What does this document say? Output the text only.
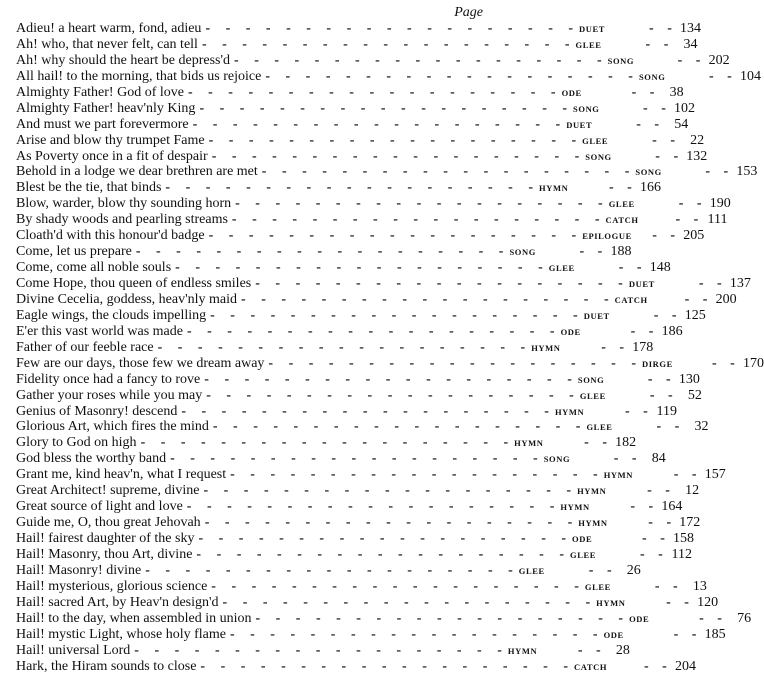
Page
Adieu! a heart warm, fond, adieu - - - - - - - - - - - - - - - - - - - DUET	- - 134
Ah! who, that never felt, can tell - - - - - - - - - - - - - - - - - - - GLEE	- - 34
Ah! why should the heart be depress'd - - - - - - - - - - - - - - - - - - - SONG	- - 202
All hail! to the morning, that bids us rejoice - - - - - - - - - - - - - - - - - - - SONG	- - 104
Almighty Father! God of love - - - - - - - - - - - - - - - - - - - ODE	- - 38
Almighty Father! heav'nly King - - - - - - - - - - - - - - - - - - - SONG	- - 102
And must we part forevermore - - - - - - - - - - - - - - - - - - - DUET	- - 54
Arise and blow thy trumpet Fame - - - - - - - - - - - - - - - - - - - GLEE	- - 22
As Poverty once in a fit of despair - - - - - - - - - - - - - - - - - - - SONG	- - 132
Behold in a lodge we dear brethren are met - - - - - - - - - - - - - - - - - - - SONG	- - 153
Blest be the tie, that binds - - - - - - - - - - - - - - - - - - - HYMN	- - 166
Blow, warder, blow thy sounding horn - - - - - - - - - - - - - - - - - - - GLEE	- - 190
By shady woods and pearling streams - - - - - - - - - - - - - - - - - - - CATCH	- - 111
Cloath'd with this honour'd badge - - - - - - - - - - - - - - - - - - - EPILOGUE	- - 205
Come, let us prepare - - - - - - - - - - - - - - - - - - - SONG	- - 188
Come, come all noble souls - - - - - - - - - - - - - - - - - - - GLEE	- - 148
Come Hope, thou queen of endless smiles - - - - - - - - - - - - - - - - - - - DUET	- - 137
Divine Cecelia, goddess, heav'nly maid - - - - - - - - - - - - - - - - - - - CATCH	- - 200
Eagle wings, the clouds impelling - - - - - - - - - - - - - - - - - - - DUET	- - 125
E'er this vast world was made - - - - - - - - - - - - - - - - - - - ODE	- - 186
Father of our feeble race - - - - - - - - - - - - - - - - - - - HYMN	- - 178
Few are our days, those few we dream away - - - - - - - - - - - - - - - - - - - DIRGE	- - 170
Fidelity once had a fancy to rove - - - - - - - - - - - - - - - - - - - SONG	- - 130
Gather your roses while you may - - - - - - - - - - - - - - - - - - - GLEE	- - 52
Genius of Masonry! descend - - - - - - - - - - - - - - - - - - - HYMN	- - 119
Glorious Art, which fires the mind - - - - - - - - - - - - - - - - - - - GLEE	- - 32
Glory to God on high - - - - - - - - - - - - - - - - - - - HYMN	- - 182
God bless the worthy band - - - - - - - - - - - - - - - - - - - SONG	- - 84
Grant me, kind heav'n, what I request - - - - - - - - - - - - - - - - - - - HYMN	- - 157
Great Architect! supreme, divine - - - - - - - - - - - - - - - - - - - HYMN	- - 12
Great source of light and love - - - - - - - - - - - - - - - - - - - HYMN	- - 164
Guide me, O, thou great Jehovah - - - - - - - - - - - - - - - - - - - HYMN	- - 172
Hail! fairest daughter of the sky - - - - - - - - - - - - - - - - - - - ODE	- - 158
Hail! Masonry, thou Art, divine - - - - - - - - - - - - - - - - - - - GLEE	- - 112
Hail! Masonry! divine - - - - - - - - - - - - - - - - - - - GLEE	- - 26
Hail! mysterious, glorious science - - - - - - - - - - - - - - - - - - - GLEE	- - 13
Hail! sacred Art, by Heav'n design'd - - - - - - - - - - - - - - - - - - - HYMN	- - 120
Hail! to the day, when assembled in union - - - - - - - - - - - - - - - - - - - ODE	- - 76
Hail! mystic Light, whose holy flame - - - - - - - - - - - - - - - - - - - ODE	- - 185
Hail! universal Lord - - - - - - - - - - - - - - - - - - - HYMN	- - 28
Hark, the Hiram sounds to close - - - - - - - - - - - - - - - - - - - CATCH	- - 204
